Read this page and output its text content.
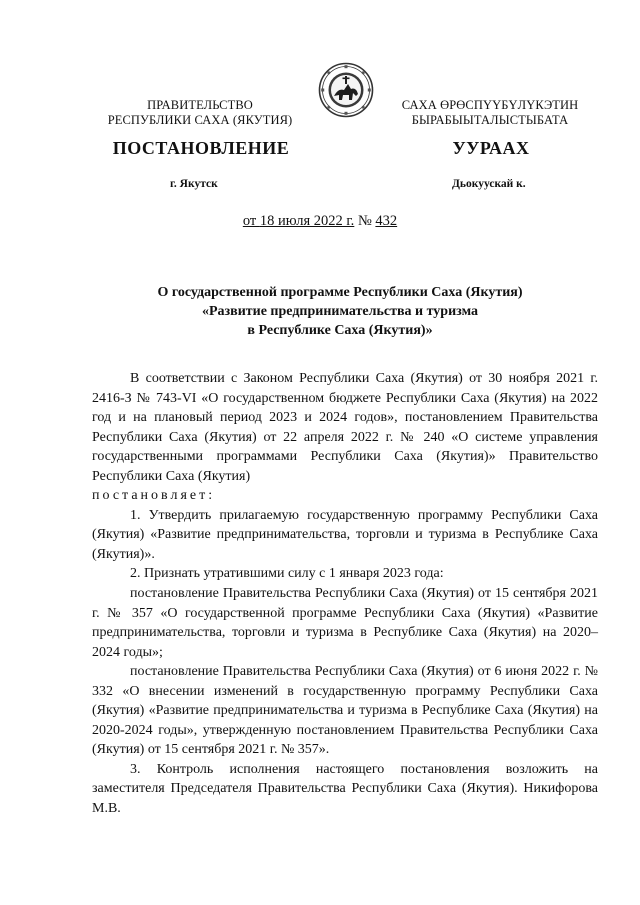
ПРАВИТЕЛЬСТВО
РЕСПУБЛИКИ САХА (ЯКУТИЯ)
САХА ӨРӨСПҮҮБҮЛҮКЭТИН
БЫРАБЫЫТАЛЫСТЫБАТА
ПОСТАНОВЛЕНИЕ	УУРААХ
г. Якутск	Дьокуускай к.
от 18 июля 2022 г. № 432
О государственной программе Республики Саха (Якутия)
«Развитие предпринимательства и туризма
в Республике Саха (Якутия)»

В соответствии с Законом Республики Саха (Якутия) от 30 ноября 2021 г. 2416-З № 743-VI «О государственном бюджете Республики Саха (Якутия) на 2022 год и на плановый период 2023 и 2024 годов», постановлением Правительства Республики Саха (Якутия) от 22 апреля 2022 г. № 240 «О системе управления государственными программами Республики Саха (Якутия)» Правительство Республики Саха (Якутия)

постановляет:

1. Утвердить прилагаемую государственную программу Республики Саха (Якутия) «Развитие предпринимательства, торговли и туризма в Республике Саха (Якутия)».

2. Признать утратившими силу с 1 января 2023 года:

постановление Правительства Республики Саха (Якутия) от 15 сентября 2021 г. № 357 «О государственной программе Республики Саха (Якутия) «Развитие предпринимательства, торговли и туризма в Республике Саха (Якутия) на 2020–2024 годы»;

постановление Правительства Республики Саха (Якутия) от 6 июня 2022 г. № 332 «О внесении изменений в государственную программу Республики Саха (Якутия) «Развитие предпринимательства и туризма в Республике Саха (Якутия) на 2020-2024 годы», утвержденную постановлением Правительства Республики Саха (Якутия) от 15 сентября 2021 г. № 357».

3. Контроль исполнения настоящего постановления возложить на заместителя Председателя Правительства Республики Саха (Якутия). Никифорова М.В.
